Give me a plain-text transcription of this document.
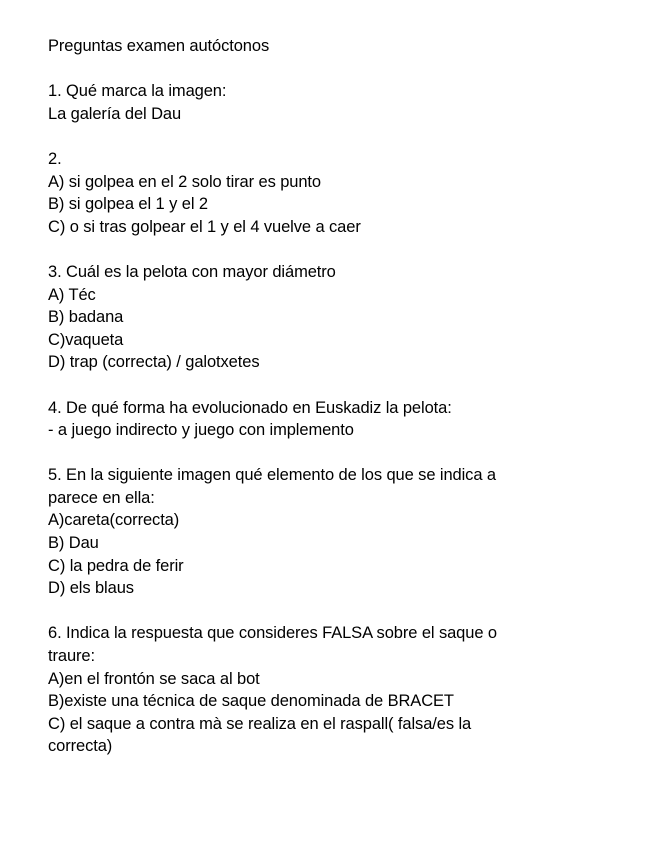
Preguntas examen autóctonos
1. Qué marca la imagen:
La galería del Dau
2.
A) si golpea en el 2 solo tirar es punto
B) si golpea el 1 y el 2
C) o si tras golpear el 1 y el 4 vuelve a caer
3. Cuál es la pelota con mayor diámetro
A) Téc
B) badana
C)vaqueta
D) trap (correcta) / galotxetes
4. De qué forma ha evolucionado en Euskadiz la pelota:
- a juego indirecto y juego con implemento
5. En la siguiente imagen qué elemento de los que se indica a
parece en ella:
A)careta(correcta)
B) Dau
C) la pedra de ferir
D) els blaus
6. Indica la respuesta que consideres FALSA sobre el saque o
traure:
A)en el frontón se saca al bot
B)existe una técnica de saque denominada de BRACET
C) el saque a contra mà se realiza en el raspall( falsa/es la
correcta)
